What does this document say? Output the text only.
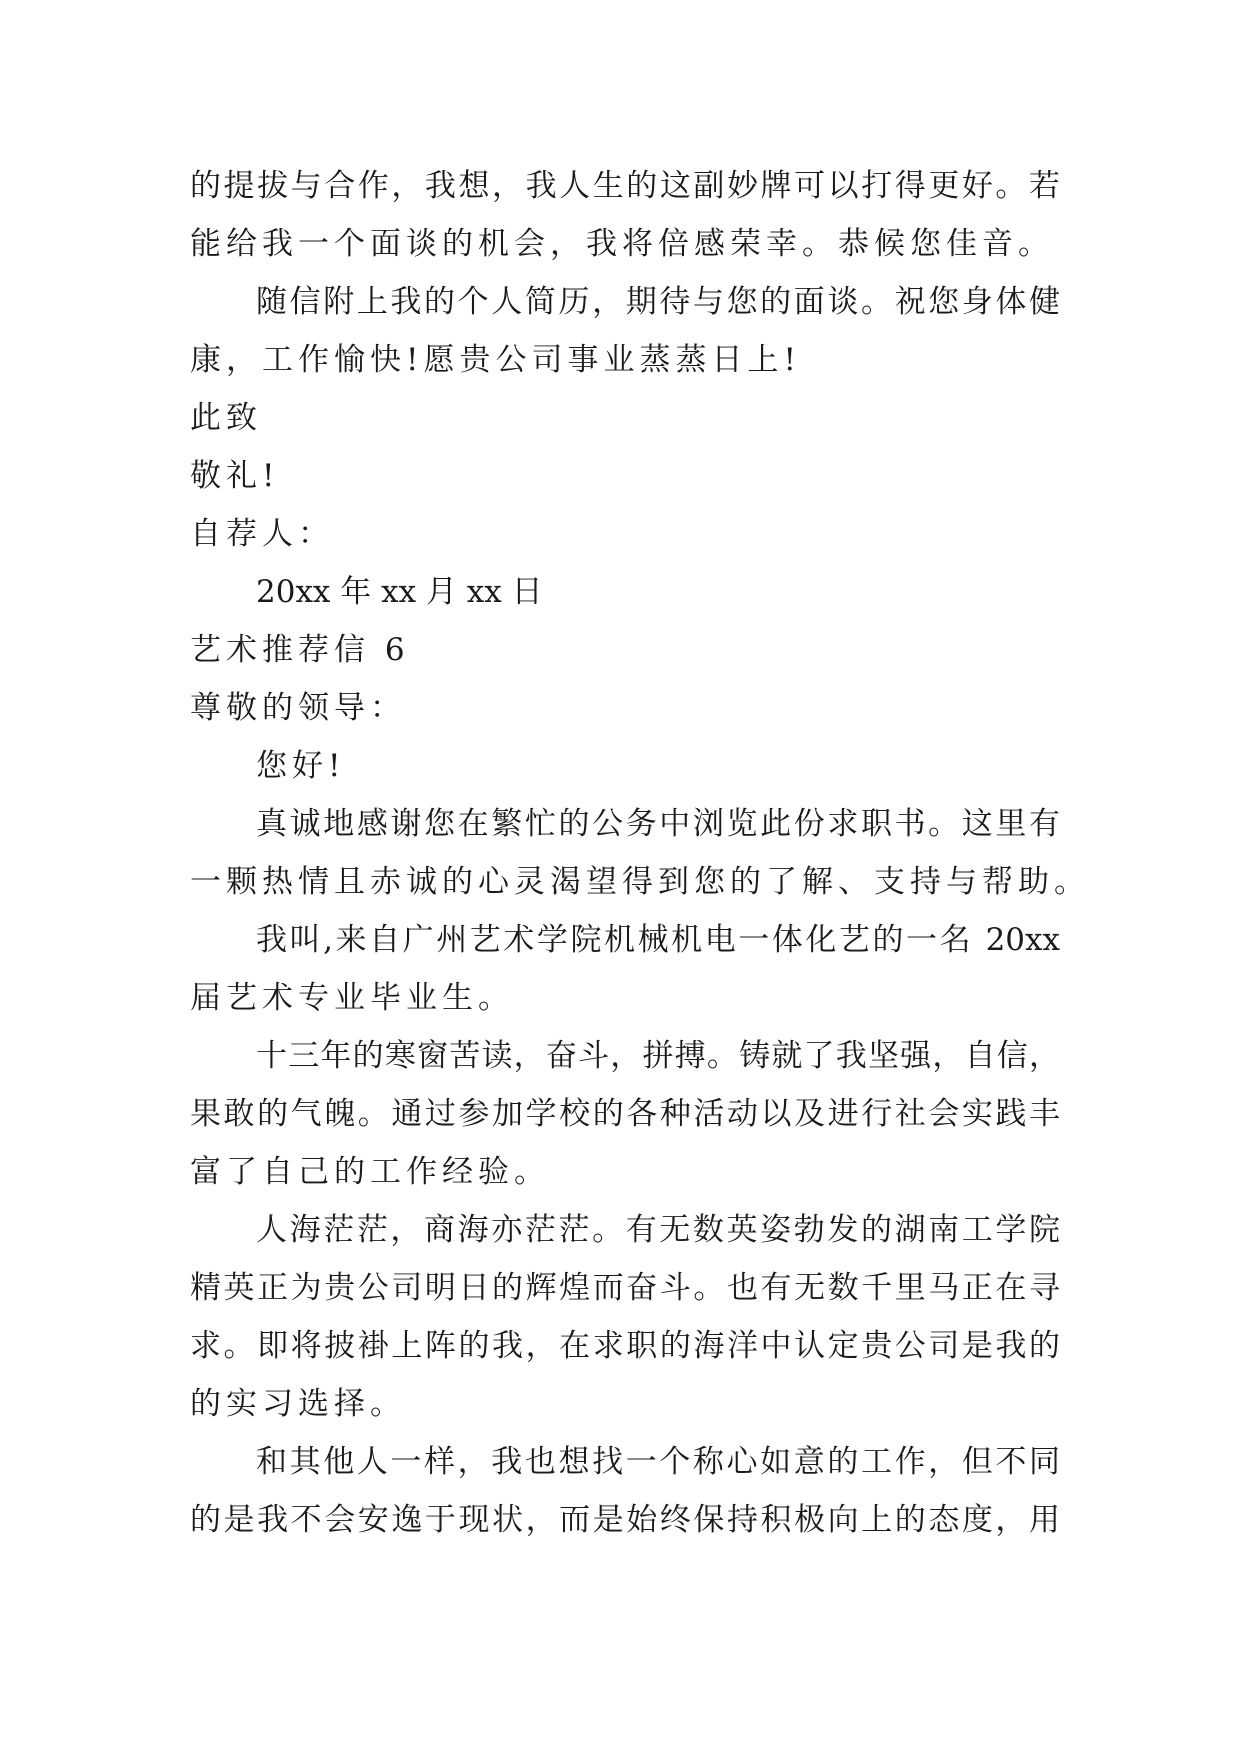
的提拔与合作，我想，我人生的这副妙牌可以打得更好。若
能给我一个面谈的机会，我将倍感荣幸。恭候您佳音。
随信附上我的个人简历，期待与您的面谈。祝您身体健
康，工作愉快!愿贵公司事业蒸蒸日上!
此致
敬礼!
自荐人：
20xx 年 xx 月 xx 日
艺术推荐信 6
尊敬的领导：
您好!
真诚地感谢您在繁忙的公务中浏览此份求职书。这里有
一颗热情且赤诚的心灵渴望得到您的了解、支持与帮助。
我叫,来自广州艺术学院机械机电一体化艺的一名 20xx
届艺术专业毕业生。
十三年的寒窗苦读，奋斗，拼搏。铸就了我坚强，自信，
果敢的气魄。通过参加学校的各种活动以及进行社会实践丰
富了自己的工作经验。
人海茫茫，商海亦茫茫。有无数英姿勃发的湖南工学院
精英正为贵公司明日的辉煌而奋斗。也有无数千里马正在寻
求。即将披褂上阵的我，在求职的海洋中认定贵公司是我的
的实习选择。
和其他人一样，我也想找一个称心如意的工作，但不同
的是我不会安逸于现状，而是始终保持积极向上的态度，用
